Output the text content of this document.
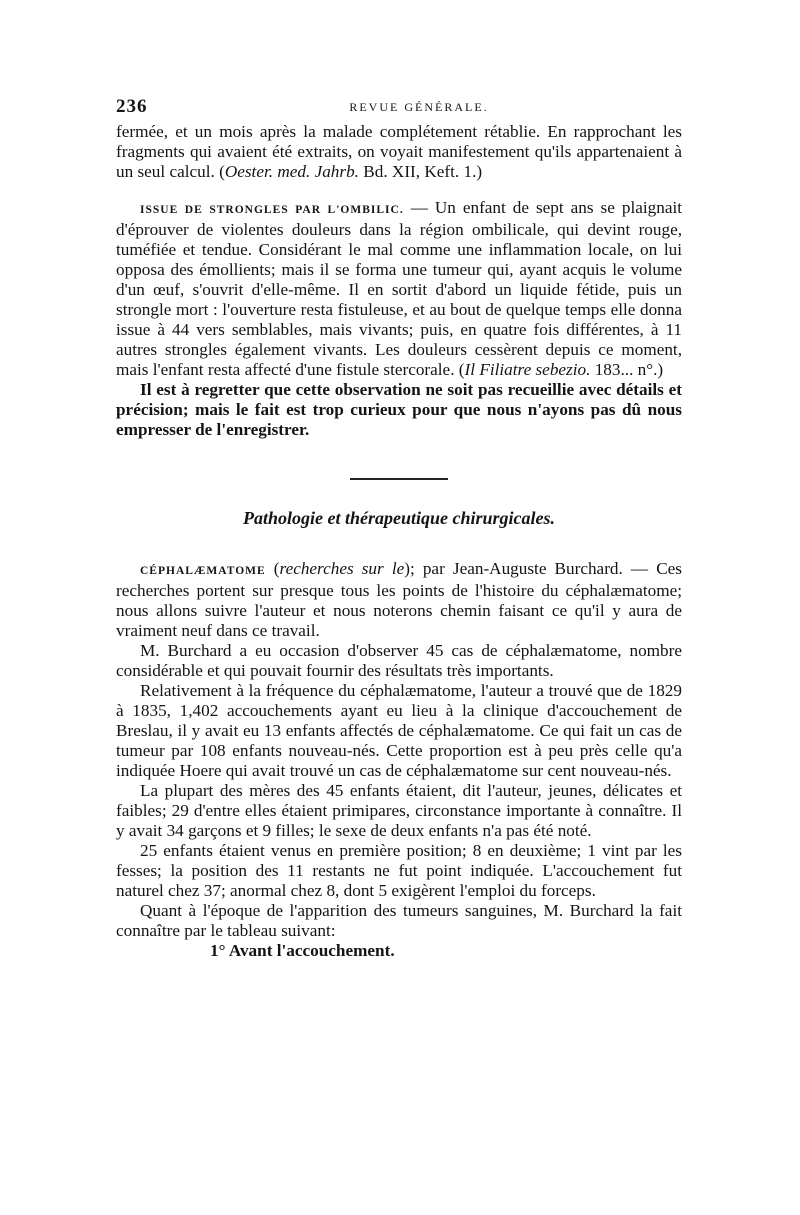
236	REVUE GÉNÉRALE.

fermée, et un mois après la malade complétement rétablie. En rapprochant les fragments qui avaient été extraits, on voyait manifestement qu'ils appartenaient à un seul calcul. (Oester. med. Jahrb. Bd. XII, Keft. 1.)

ISSUE DE STRONGLES PAR L'OMBILIC. — Un enfant de sept ans se plaignait d'éprouver de violentes douleurs dans la région ombilicale, qui devint rouge, tuméfiée et tendue. Considérant le mal comme une inflammation locale, on lui opposa des émollients; mais il se forma une tumeur qui, ayant acquis le volume d'un œuf, s'ouvrit d'elle-même. Il en sortit d'abord un liquide fétide, puis un strongle mort : l'ouverture resta fistuleuse, et au bout de quelque temps elle donna issue à 44 vers semblables, mais vivants; puis, en quatre fois différentes, à 11 autres strongles également vivants. Les douleurs cessèrent depuis ce moment, mais l'enfant resta affecté d'une fistule stercorale. (Il Filiatre sebezio. 183... n°.)

Il est à regretter que cette observation ne soit pas recueillie avec détails et précision; mais le fait est trop curieux pour que nous n'ayons pas dû nous empresser de l'enregistrer.

Pathologie et thérapeutique chirurgicales.

CÉPHALÆMATOME (recherches sur le); par Jean-Auguste Burchard. — Ces recherches portent sur presque tous les points de l'histoire du céphalæmatome; nous allons suivre l'auteur et nous noterons chemin faisant ce qu'il y aura de vraiment neuf dans ce travail.

M. Burchard a eu occasion d'observer 45 cas de céphalæmatome, nombre considérable et qui pouvait fournir des résultats très importants.

Relativement à la fréquence du céphalæmatome, l'auteur a trouvé que de 1829 à 1835, 1,402 accouchements ayant eu lieu à la clinique d'accouchement de Breslau, il y avait eu 13 enfants affectés de céphalæmatome. Ce qui fait un cas de tumeur par 108 enfants nouveau-nés. Cette proportion est à peu près celle qu'a indiquée Hoere qui avait trouvé un cas de céphalæmatome sur cent nouveau-nés.

La plupart des mères des 45 enfants étaient, dit l'auteur, jeunes, délicates et faibles; 29 d'entre elles étaient primipares, circonstance importante à connaître. Il y avait 34 garçons et 9 filles; le sexe de deux enfants n'a pas été noté.

25 enfants étaient venus en première position; 8 en deuxième; 1 vint par les fesses; la position des 11 restants ne fut point indiquée. L'accouchement fut naturel chez 37; anormal chez 8, dont 5 exigèrent l'emploi du forceps.

Quant à l'époque de l'apparition des tumeurs sanguines, M. Burchard la fait connaître par le tableau suivant:

1° Avant l'accouchement.
